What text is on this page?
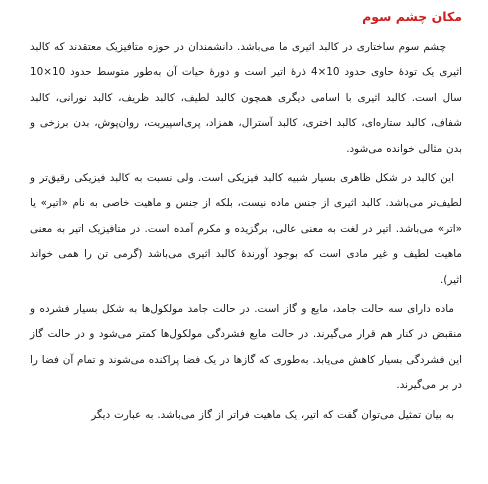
مکان چشم سوم

چشم سوم ساختاری در کالبد اثیری ما می‌باشد. دانشمندان در حوزه متافیزیک معتقدند که کالبد اثیری یک تودهٔ حاوی حدود 10×4 ذرهٔ اتیر است و دورهٔ حیات آن به‌طور متوسط حدود 10×10 سال است. کالبد اثیری با اسامی دیگری همچون کالبد لطیف، کالبد ظریف، کالبد نورانی، کالبد شفاف، کالبد ستاره‌ای، کالبد اختری، کالبد آسترال، همزاد، پری‌اسپیریت، روان‌پوش، بدن برزخی و بدن مثالی خوانده می‌شود.

این کالبد در شکل ظاهری بسیار شبیه کالبد فیزیکی است. ولی نسبت به کالبد فیزیکی رقیق‌تر و لطیف‌تر می‌باشد. کالبد اثیری از جنس ماده نیست، بلکه از جنس و ماهیت خاصی به نام «اتیر» یا «اتر» می‌باشد. اتیر در لغت به معنی عالی، برگزیده و مکرم آمده است. در متافیزیک اتیر به معنی ماهیت لطیف و غیر مادی است که بوجود آورندهٔ کالبد اثیری می‌باشد (گرمی تن را همی خواند اثیر).

ماده دارای سه حالت جامد، مایع و گاز است. در حالت جامد مولکول‌ها به شکل بسیار فشرده و منقبض در کنار هم قرار می‌گیرند. در حالت مایع فشردگی مولکول‌ها کمتر می‌شود و در حالت گاز این فشردگی بسیار کاهش می‌یابد. به‌طوری که گازها در یک فضا پراکنده می‌شوند و تمام آن فضا را در بر می‌گیرند.

به بیان تمثیل می‌توان گفت که اتیر، یک ماهیت فراتر از گاز می‌باشد. به عبارت دیگر
